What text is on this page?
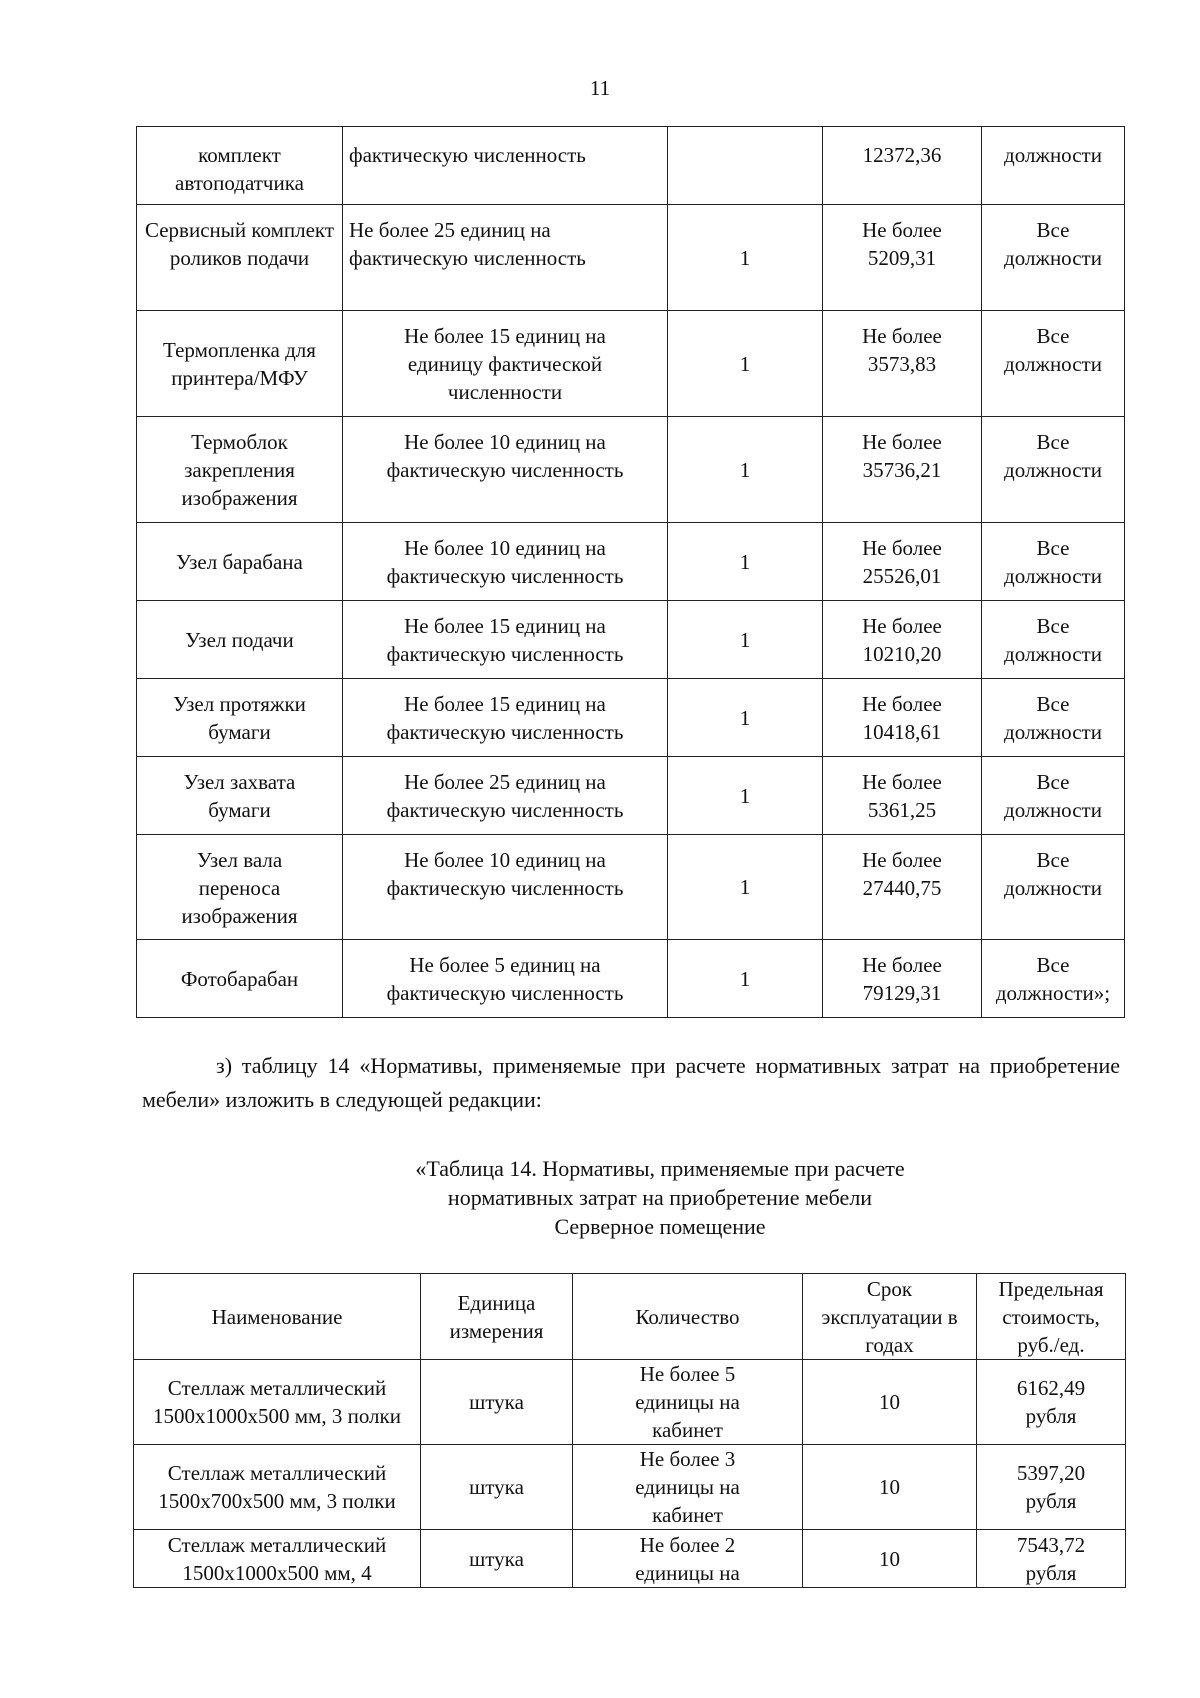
11
комплект автоподатчика	фактическую численность		12372,36	должности
Сервисный комплект роликов подачи	Не более 25 единиц на фактическую численность	1	Не более 5209,31	Все должности
Термопленка для принтера/МФУ	Не более 15 единиц на единицу фактической численности	1	Не более 3573,83	Все должности
Термоблок закрепления изображения	Не более 10 единиц на фактическую численность	1	Не более 35736,21	Все должности
Узел барабана	Не более 10 единиц на фактическую численность	1	Не более 25526,01	Все должности
Узел подачи	Не более 15 единиц на фактическую численность	1	Не более 10210,20	Все должности
Узел протяжки бумаги	Не более 15 единиц на фактическую численность	1	Не более 10418,61	Все должности
Узел захвата бумаги	Не более 25 единиц на фактическую численность	1	Не более 5361,25	Все должности
Узел вала переноса изображения	Не более 10 единиц на фактическую численность	1	Не более 27440,75	Все должности
Фотобарабан	Не более 5 единиц на фактическую численность	1	Не более 79129,31	Все должности»;
з) таблицу 14 «Нормативы, применяемые при расчете нормативных затрат на приобретение мебели» изложить в следующей редакции:
«Таблица 14. Нормативы, применяемые при расчете
нормативных затрат на приобретение мебели
Серверное помещение
Наименование	Единица измерения	Количество	Срок эксплуатации в годах	Предельная стоимость, руб./ед.
Стеллаж металлический 1500х1000х500 мм, 3 полки	штука	Не более 5 единицы на кабинет	10	6162,49 рубля
Стеллаж металлический 1500х700х500 мм, 3 полки	штука	Не более 3 единицы на кабинет	10	5397,20 рубля
Стеллаж металлический 1500х1000х500 мм, 4	штука	Не более 2 единицы на	10	7543,72 рубля
